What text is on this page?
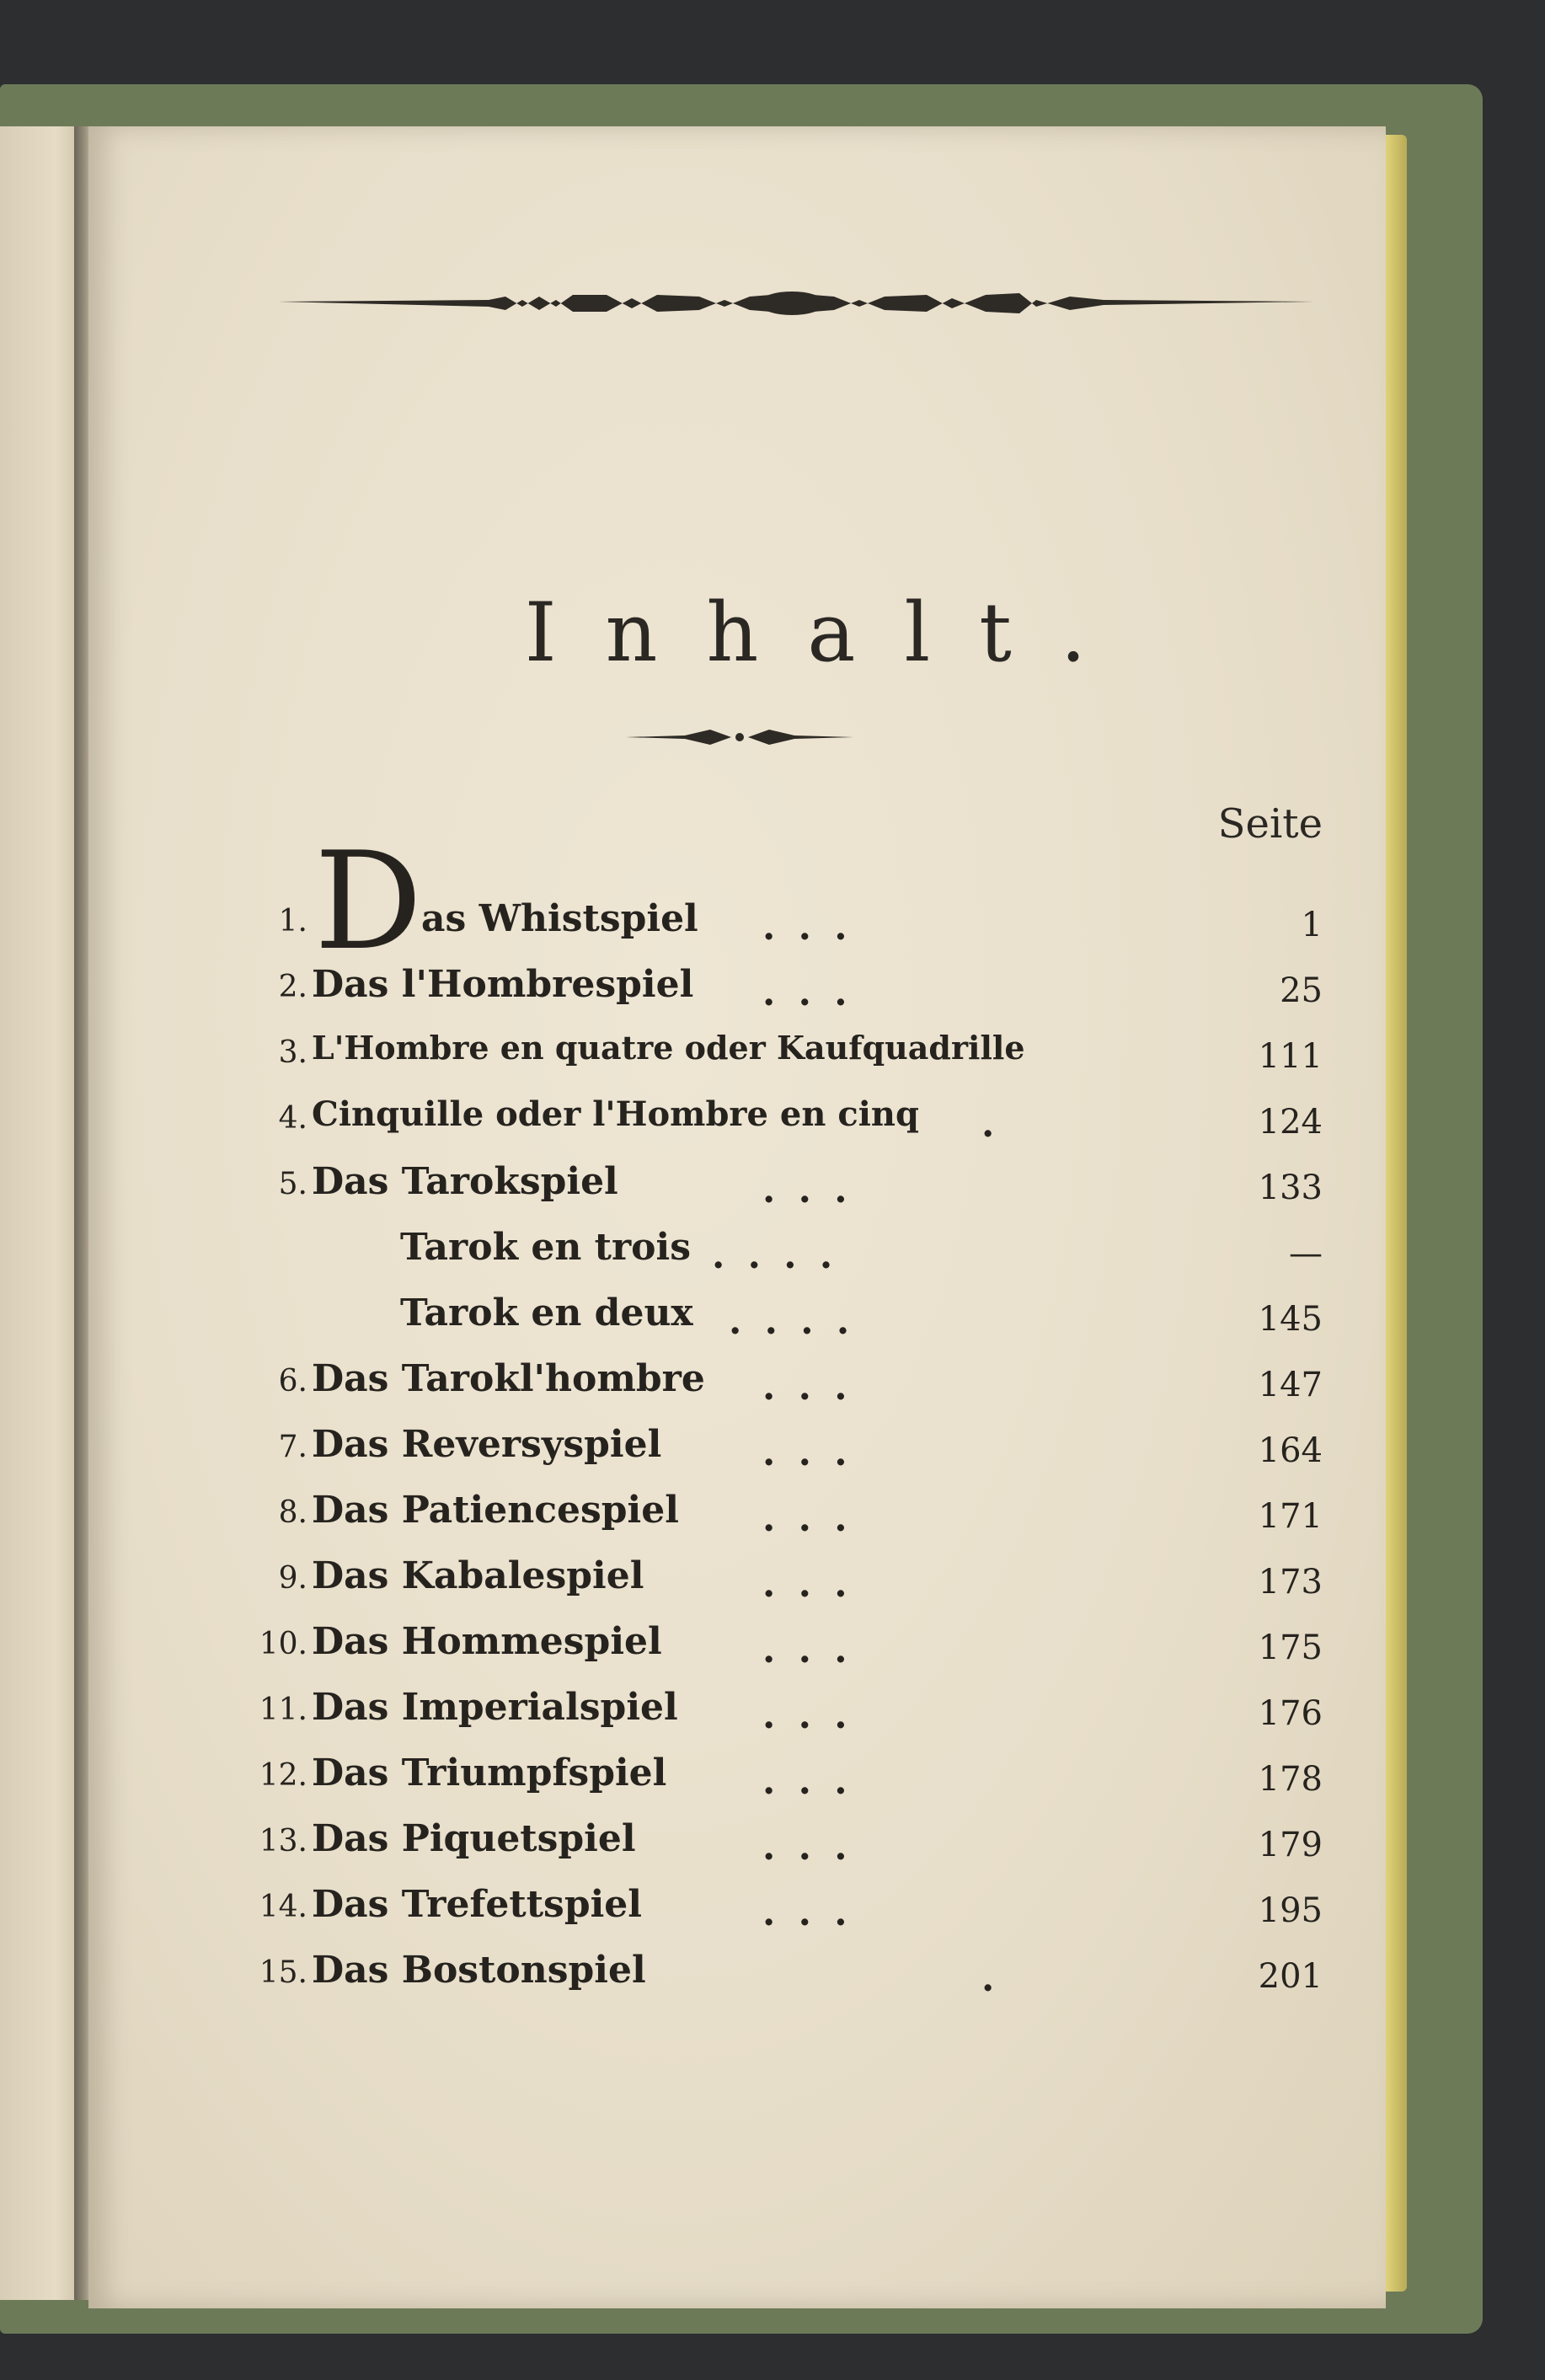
Inhalt.
Seite
D
1.	as Whistspiel . . .	1
2. Das l'Hombrespiel . . .	25
3. L'Hombre en quatre oder Kaufquadrille	111
4. Cinquille oder l'Hombre en cinq .	124
5. Das Tarokspiel	. . .	133
Tarok en trois . . . .	—
Tarok en deux . . . .	145
6. Das Tarokl'hombre . . .	147
7. Das Reversyspiel	. . .	164
8. Das Patiencespiel . . .	171
9. Das Kabalespiel	. . .	173
10. Das Hommespiel	. . .	175
11. Das Imperialspiel . . .	176
12. Das Triumpfspiel	. . .	178
13. Das Piquetspiel	. . .	179
14. Das Trefettspiel	. . .	195
15. Das Bostonspiel	.	201
